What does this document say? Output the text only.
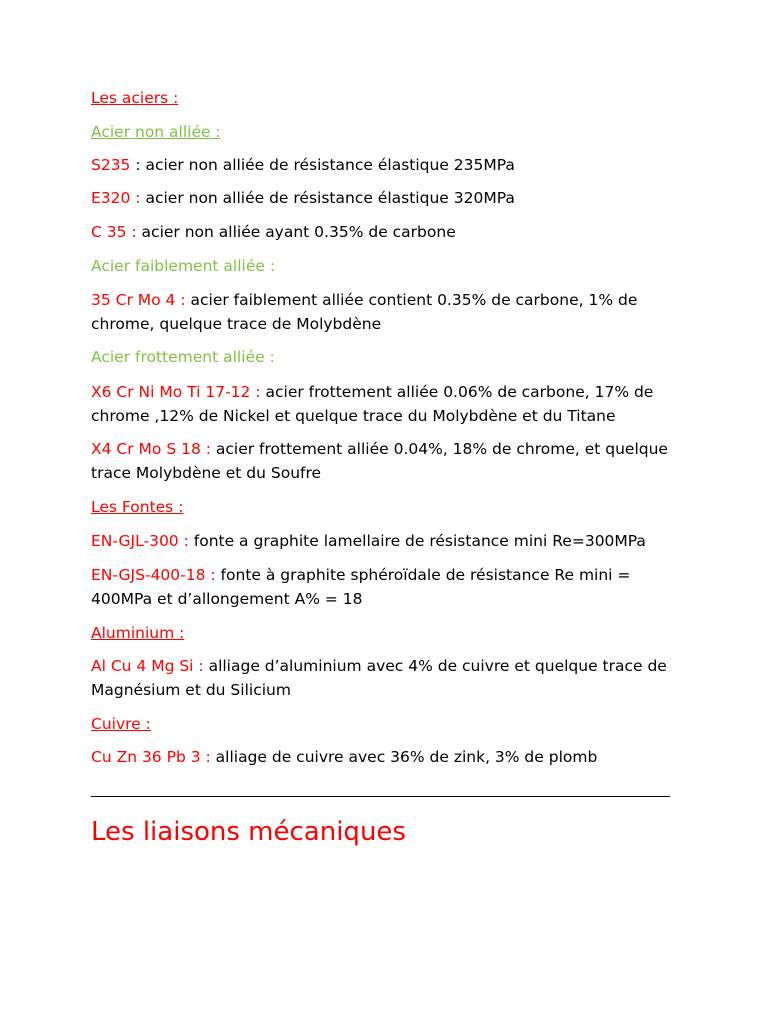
Les aciers :

Acier non alliée :

S235 : acier non alliée de résistance élastique 235MPa

E320 : acier non alliée de résistance élastique 320MPa

C 35 : acier non alliée ayant 0.35% de carbone

Acier faiblement alliée :

35 Cr Mo 4 : acier faiblement alliée contient 0.35% de carbone, 1% de
chrome, quelque trace de Molybdène

Acier frottement alliée :

X6 Cr Ni Mo Ti 17-12 : acier frottement alliée 0.06% de carbone, 17% de
chrome ,12% de Nickel et quelque trace du Molybdène et du Titane

X4 Cr Mo S 18 : acier frottement alliée 0.04%, 18% de chrome, et quelque
trace Molybdène et du Soufre

Les Fontes :

EN-GJL-300 : fonte a graphite lamellaire de résistance mini Re=300MPa

EN-GJS-400-18 : fonte à graphite sphéroïdale de résistance Re mini =
400MPa et d’allongement A% = 18

Aluminium :

Al Cu 4 Mg Si : alliage d’aluminium avec 4% de cuivre et quelque trace de
Magnésium et du Silicium

Cuivre :

Cu Zn 36 Pb 3 : alliage de cuivre avec 36% de zink, 3% de plomb

Les liaisons mécaniques
